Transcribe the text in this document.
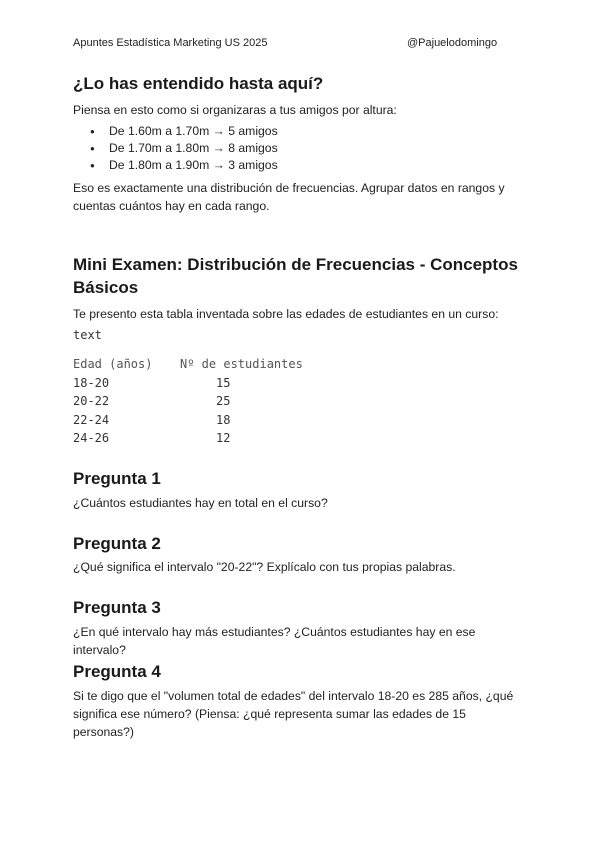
Apuntes Estadística Marketing US 2025	@Pajuelodomingo
¿Lo has entendido hasta aquí?

Piensa en esto como si organizaras a tus amigos por altura:

● De 1.60m a 1.70m → 5 amigos
● De 1.70m a 1.80m → 8 amigos
● De 1.80m a 1.90m → 3 amigos

Eso es exactamente una distribución de frecuencias. Agrupar datos en rangos y cuentas cuántos hay en cada rango.

Mini Examen: Distribución de Frecuencias - Conceptos Básicos

Te presento esta tabla inventada sobre las edades de estudiantes en un curso:

text
Edad (años)	Nº de estudiantes
18-20	15
20-22	25
22-24	18
24-26	12
Pregunta 1

¿Cuántos estudiantes hay en total en el curso?

Pregunta 2

¿Qué significa el intervalo "20-22"? Explícalo con tus propias palabras.

Pregunta 3

¿En qué intervalo hay más estudiantes? ¿Cuántos estudiantes hay en ese intervalo?

Pregunta 4

Si te digo que el "volumen total de edades" del intervalo 18-20 es 285 años, ¿qué significa ese número? (Piensa: ¿qué representa sumar las edades de 15 personas?)
